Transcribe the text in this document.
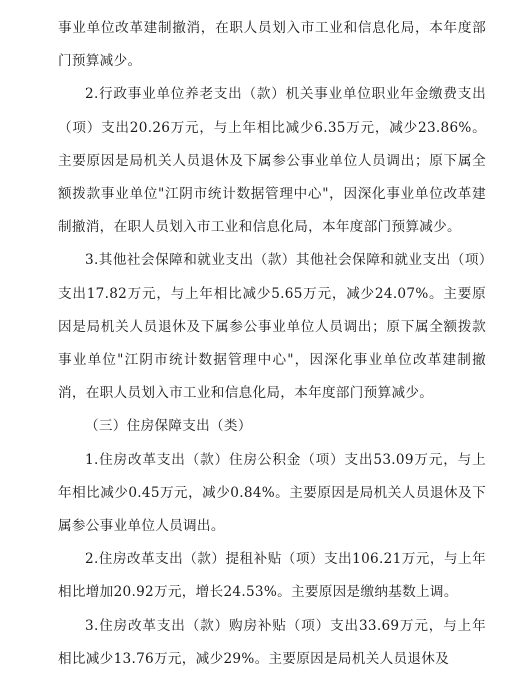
事业单位改革建制撤消，在职人员划入市工业和信息化局，本年度部门预算减少。

2.行政事业单位养老支出（款）机关事业单位职业年金缴费支出（项）支出20.26万元，与上年相比减少6.35万元，减少23.86%。主要原因是局机关人员退休及下属参公事业单位人员调出；原下属全额拨款事业单位"江阴市统计数据管理中心"，因深化事业单位改革建制撤消，在职人员划入市工业和信息化局，本年度部门预算减少。

3.其他社会保障和就业支出（款）其他社会保障和就业支出（项）支出17.82万元，与上年相比减少5.65万元，减少24.07%。主要原因是局机关人员退休及下属参公事业单位人员调出；原下属全额拨款事业单位"江阴市统计数据管理中心"，因深化事业单位改革建制撤消，在职人员划入市工业和信息化局，本年度部门预算减少。

（三）住房保障支出（类）

1.住房改革支出（款）住房公积金（项）支出53.09万元，与上年相比减少0.45万元，减少0.84%。主要原因是局机关人员退休及下属参公事业单位人员调出。

2.住房改革支出（款）提租补贴（项）支出106.21万元，与上年相比增加20.92万元，增长24.53%。主要原因是缴纳基数上调。

3.住房改革支出（款）购房补贴（项）支出33.69万元，与上年相比减少13.76万元，减少29%。主要原因是局机关人员退休及
